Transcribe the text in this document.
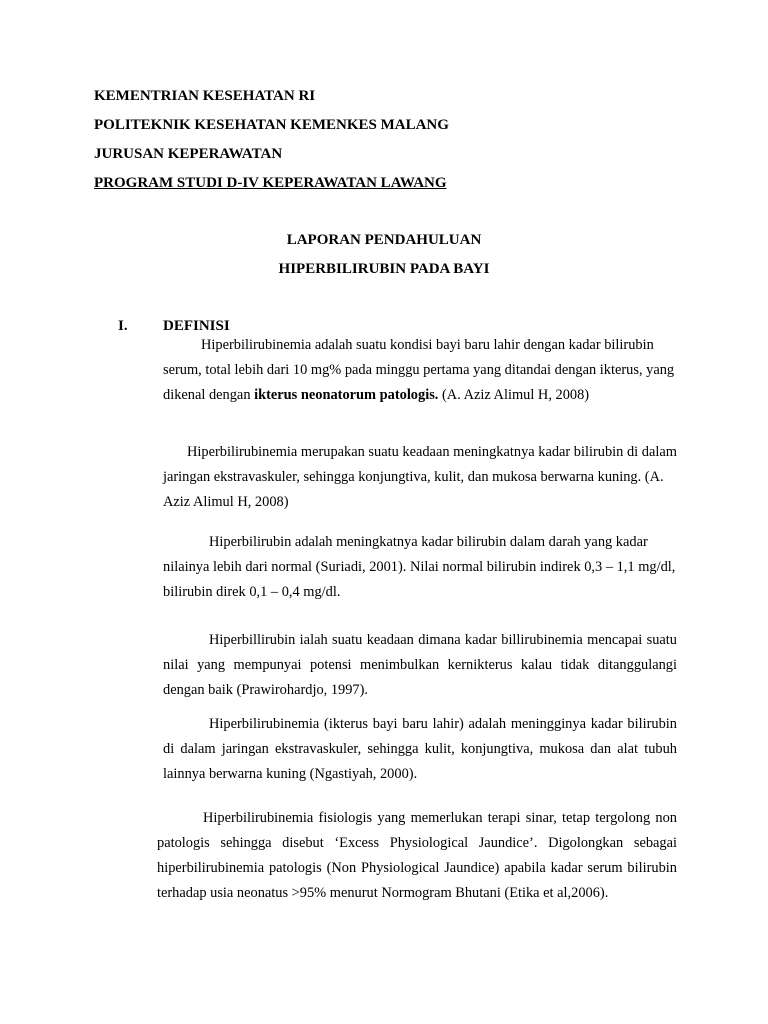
KEMENTRIAN KESEHATAN RI
POLITEKNIK KESEHATAN KEMENKES MALANG
JURUSAN KEPERAWATAN
PROGRAM STUDI D-IV KEPERAWATAN LAWANG
LAPORAN PENDAHULUAN
HIPERBILIRUBIN PADA BAYI
I. DEFINISI

Hiperbilirubinemia adalah suatu kondisi bayi baru lahir dengan kadar bilirubin serum, total lebih dari 10 mg% pada minggu pertama yang ditandai dengan ikterus, yang dikenal dengan ikterus neonatorum patologis. (A. Aziz Alimul H, 2008)

Hiperbilirubinemia merupakan suatu keadaan meningkatnya kadar bilirubin di dalam jaringan ekstravaskuler, sehingga konjungtiva, kulit, dan mukosa berwarna kuning. (A. Aziz Alimul H, 2008)

Hiperbilirubin adalah meningkatnya kadar bilirubin dalam darah yang kadar nilainya lebih dari normal (Suriadi, 2001). Nilai normal bilirubin indirek 0,3 – 1,1 mg/dl, bilirubin direk 0,1 – 0,4 mg/dl.

Hiperbillirubin ialah suatu keadaan dimana kadar billirubinemia mencapai suatu nilai yang mempunyai potensi menimbulkan kernikterus kalau tidak ditanggulangi dengan baik (Prawirohardjo, 1997).

Hiperbilirubinemia (ikterus bayi baru lahir) adalah meningginya kadar bilirubin di dalam jaringan ekstravaskuler, sehingga kulit, konjungtiva, mukosa dan alat tubuh lainnya berwarna kuning (Ngastiyah, 2000).

Hiperbilirubinemia fisiologis yang memerlukan terapi sinar, tetap tergolong non patologis sehingga disebut ‘Excess Physiological Jaundice’. Digolongkan sebagai hiperbilirubinemia patologis (Non Physiological Jaundice) apabila kadar serum bilirubin terhadap usia neonatus >95% menurut Normogram Bhutani (Etika et al,2006).
